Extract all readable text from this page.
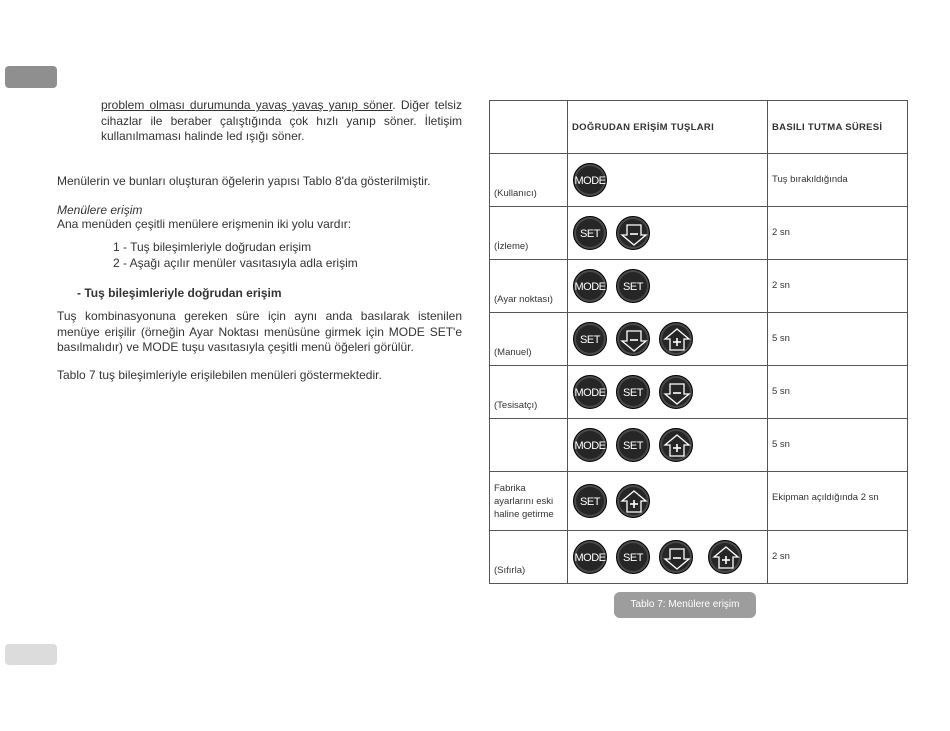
problem olması durumunda yavaş yavaş yanıp söner. Diğer telsiz cihazlar ile beraber çalıştığında çok hızlı yanıp söner. İletişim kullanılmaması halinde led ışığı söner.
Menülerin ve bunları oluşturan öğelerin yapısı Tablo 8'da gösterilmiştir.
Menülere erişim
Ana menüden çeşitli menülere erişmenin iki yolu vardır:
1 - Tuş bileşimleriyle doğrudan erişim
2 - Aşağı açılır menüler vasıtasıyla adla erişim
- Tuş bileşimleriyle doğrudan erişim
Tuş kombinasyonuna gereken süre için aynı anda basılarak istenilen menüye erişilir (örneğin Ayar Noktası menüsüne girmek için MODE SET'e basılmalıdır) ve MODE tuşu vasıtasıyla çeşitli menü öğeleri görülür.
Tablo 7 tuş bileşimleriyle erişilebilen menüleri göstermektedir.
	DOĞRUDAN ERİŞİM TUŞLARI	BASILI TUTMA SÜRESİ
(Kullanıcı)	MODE	Tuş bırakıldığında
(İzleme)	SET	2 sn
(Ayar noktası)	MODE SET	2 sn
(Manuel)	SET	5 sn
(Tesisatçı)	MODE SET	5 sn

	MODE SET	5 sn
Fabrika ayarlarını eski haline getirme	SET	Ekipman açıldığında 2 sn
(Sıfırla)	MODE SET	2 sn
Tablo 7: Menülere erişim
